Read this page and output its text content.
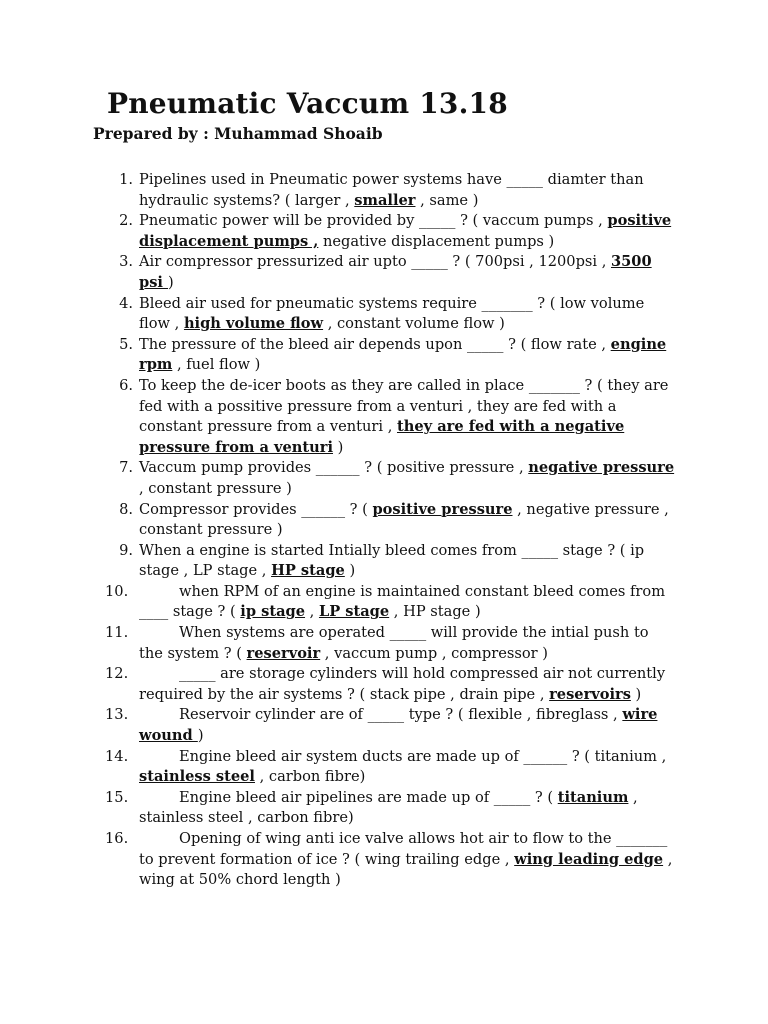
Pneumatic Vaccum 13.18

Prepared by : Muhammad Shoaib

1. Pipelines used in Pneumatic power systems have _____ diamter than hydraulic systems? ( larger , smaller , same )
2. Pneumatic power will be provided by _____ ? ( vaccum pumps , positive displacement pumps , negative displacement pumps )
3. Air compressor pressurized air upto _____ ? ( 700psi , 1200psi , 3500 psi )
4. Bleed air used for pneumatic systems require _______ ? ( low volume flow , high volume flow , constant volume flow )
5. The pressure of the bleed air depends upon _____ ? ( flow rate , engine rpm , fuel flow )
6. To keep the de-icer boots as they are called in place _______ ? ( they are fed with a possitive pressure from a venturi , they are fed with a constant pressure from a venturi , they are fed with a negative pressure from a venturi )
7. Vaccum pump provides ______ ? ( positive pressure , negative pressure , constant pressure )
8. Compressor provides ______ ? ( positive pressure , negative pressure , constant pressure )
9. When a engine is started Intially bleed comes from _____ stage ? ( ip stage , LP stage , HP stage )
10.	when RPM of an engine is maintained constant bleed comes from ____ stage ? ( ip stage , LP stage , HP stage )
11.	When systems are operated _____ will provide the intial push to the system ? ( reservoir , vaccum pump , compressor )
12.	_____ are storage cylinders will hold compressed air not currently required by the air systems ? ( stack pipe , drain pipe , reservoirs )
13.	Reservoir cylinder are of _____ type ? ( flexible , fibreglass , wire wound )
14.	Engine bleed air system ducts are made up of ______ ? ( titanium , stainless steel , carbon fibre)
15.	Engine bleed air pipelines are made up of _____ ? ( titanium , stainless steel , carbon fibre)
16.	Opening of wing anti ice valve allows hot air to flow to the _______ to prevent formation of ice ? ( wing trailing edge , wing leading edge , wing at 50% chord length )
